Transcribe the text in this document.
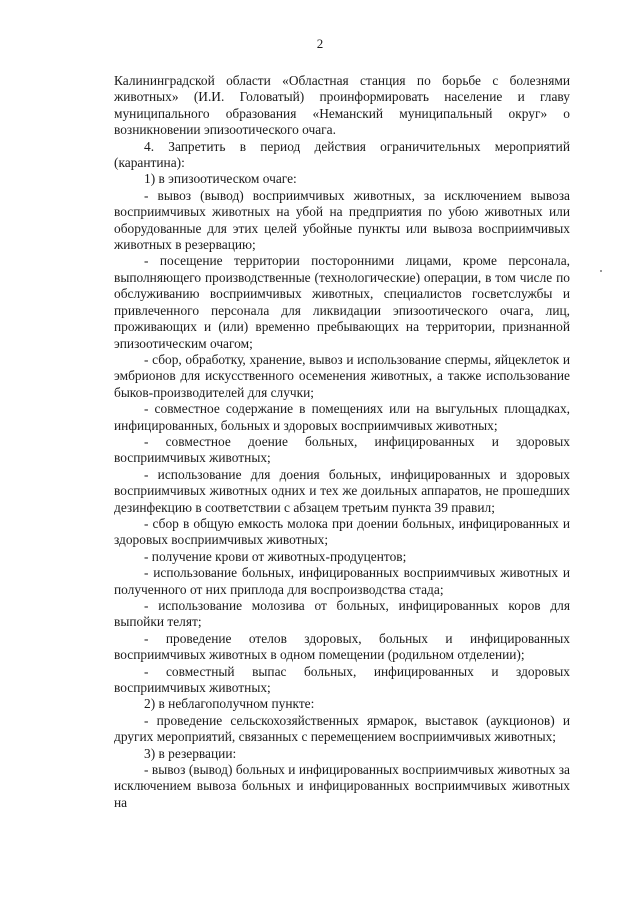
2

Калининградской области «Областная станция по борьбе с болезнями животных» (И.И. Головатый) проинформировать население и главу муниципального образования «Неманский муниципальный округ» о возникновении эпизоотического очага.

4. Запретить в период действия ограничительных мероприятий (карантина):

1) в эпизоотическом очаге:

- вывоз (вывод) восприимчивых животных, за исключением вывоза восприимчивых животных на убой на предприятия по убою животных или оборудованные для этих целей убойные пункты или вывоза восприимчивых животных в резервацию;

- посещение территории посторонними лицами, кроме персонала, выполняющего производственные (технологические) операции, в том числе по обслуживанию восприимчивых животных, специалистов госветслужбы и привлеченного персонала для ликвидации эпизоотического очага, лиц, проживающих и (или) временно пребывающих на территории, признанной эпизоотическим очагом;

- сбор, обработку, хранение, вывоз и использование спермы, яйцеклеток и эмбрионов для искусственного осеменения животных, а также использование быков-производителей для случки;

- совместное содержание в помещениях или на выгульных площадках, инфицированных, больных и здоровых восприимчивых животных;

- совместное доение больных, инфицированных и здоровых восприимчивых животных;

- использование для доения больных, инфицированных и здоровых восприимчивых животных одних и тех же доильных аппаратов, не прошедших дезинфекцию в соответствии с абзацем третьим пункта 39 правил;

- сбор в общую емкость молока при доении больных, инфицированных и здоровых восприимчивых животных;

- получение крови от животных-продуцентов;

- использование больных, инфицированных восприимчивых животных и полученного от них приплода для воспроизводства стада;

- использование молозива от больных, инфицированных коров для выпойки телят;

- проведение отелов здоровых, больных и инфицированных восприимчивых животных в одном помещении (родильном отделении);

- совместный выпас больных, инфицированных и здоровых восприимчивых животных;

2) в неблагополучном пункте:

- проведение сельскохозяйственных ярмарок, выставок (аукционов) и других мероприятий, связанных с перемещением восприимчивых животных;

3) в резервации:

- вывоз (вывод) больных и инфицированных восприимчивых животных за исключением вывоза больных и инфицированных восприимчивых животных на
